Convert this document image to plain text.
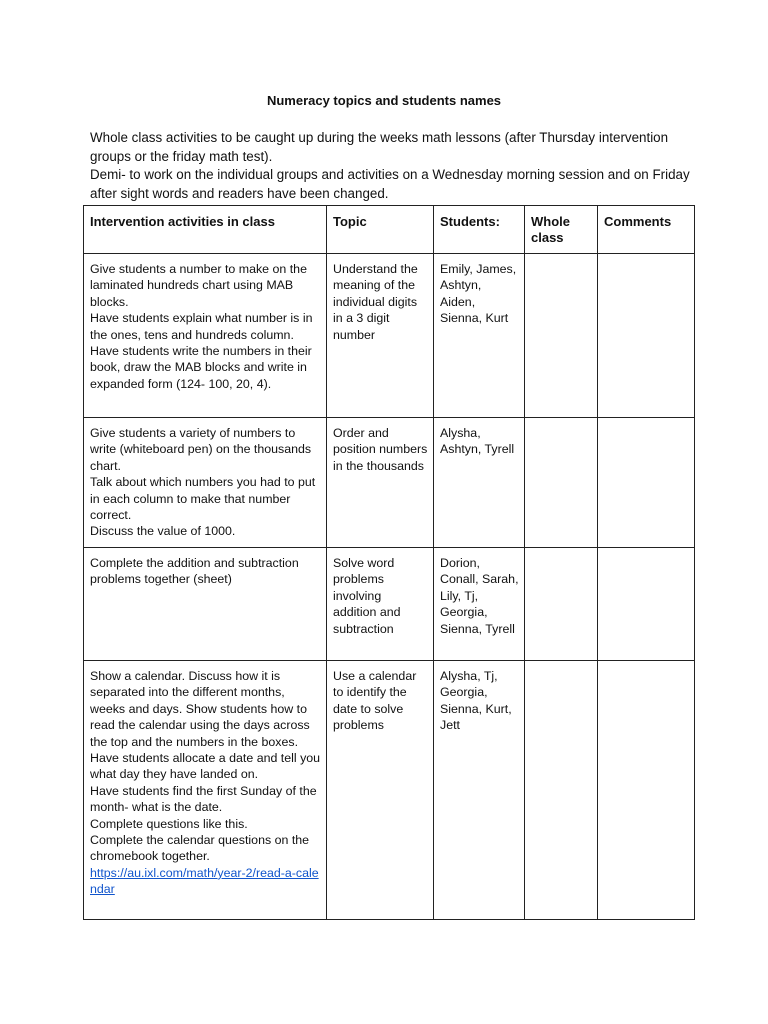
Numeracy topics and students names

Whole class activities to be caught up during the weeks math lessons (after Thursday intervention groups or the friday math test).

Demi- to work on the individual groups and activities on a Wednesday morning session and on Friday after sight words and readers have been changed.

Intervention activities in class	Topic	Students:	Whole class	Comments
Give students a number to make on the laminated hundreds chart using MAB blocks.
Have students explain what number is in the ones, tens and hundreds column. Have students write the numbers in their book, draw the MAB blocks and write in expanded form (124- 100, 20, 4).	Understand the meaning of the individual digits in a 3 digit number	Emily, James, Ashtyn, Aiden, Sienna, Kurt		
Give students a variety of numbers to write (whiteboard pen) on the thousands chart.
Talk about which numbers you had to put in each column to make that number correct.
Discuss the value of 1000.	Order and position numbers in the thousands	Alysha, Ashtyn, Tyrell		
Complete the addition and subtraction problems together (sheet)	Solve word problems involving addition and subtraction	Dorion, Conall, Sarah, Lily, Tj, Georgia, Sienna, Tyrell		
Show a calendar. Discuss how it is separated into the different months, weeks and days. Show students how to read the calendar using the days across the top and the numbers in the boxes. Have students allocate a date and tell you what day they have landed on.
Have students find the first Sunday of the month- what is the date.
Complete questions like this.
Complete the calendar questions on the chromebook together.
https://au.ixl.com/math/year-2/read-a-calendar	Use a calendar to identify the date to solve problems	Alysha, Tj, Georgia, Sienna, Kurt, Jett		
